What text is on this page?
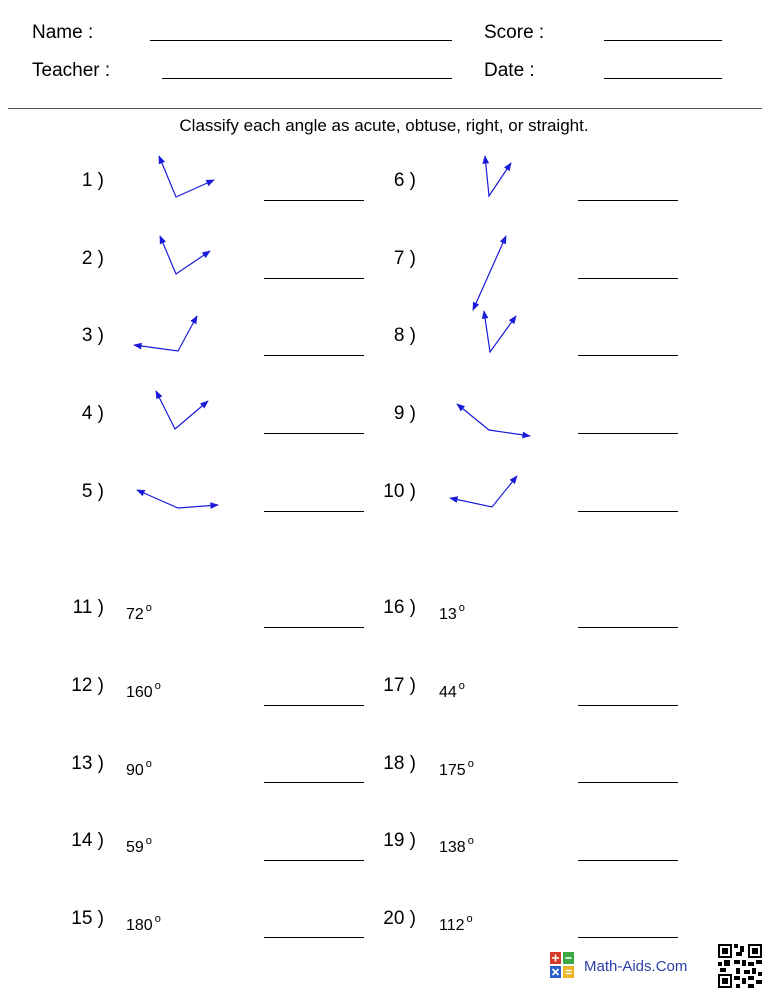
Name :	Score :
Teacher :	Date :
Classify each angle as acute, obtuse, right, or straight.
1 )
2 )
3 )
4 )
5 )
6 )
7 )
8 )
9 )
10 )
11 )
12 )
13 )
14 )
15 )
16 )
17 )
18 )
19 )
20 )
72 $^o$
160 $^o$
90 $^o$
59 $^o$
180 $^o$
13 $^o$
44 $^o$
175 $^o$
138 $^o$
112 $^o$
Math-Aids.Com
